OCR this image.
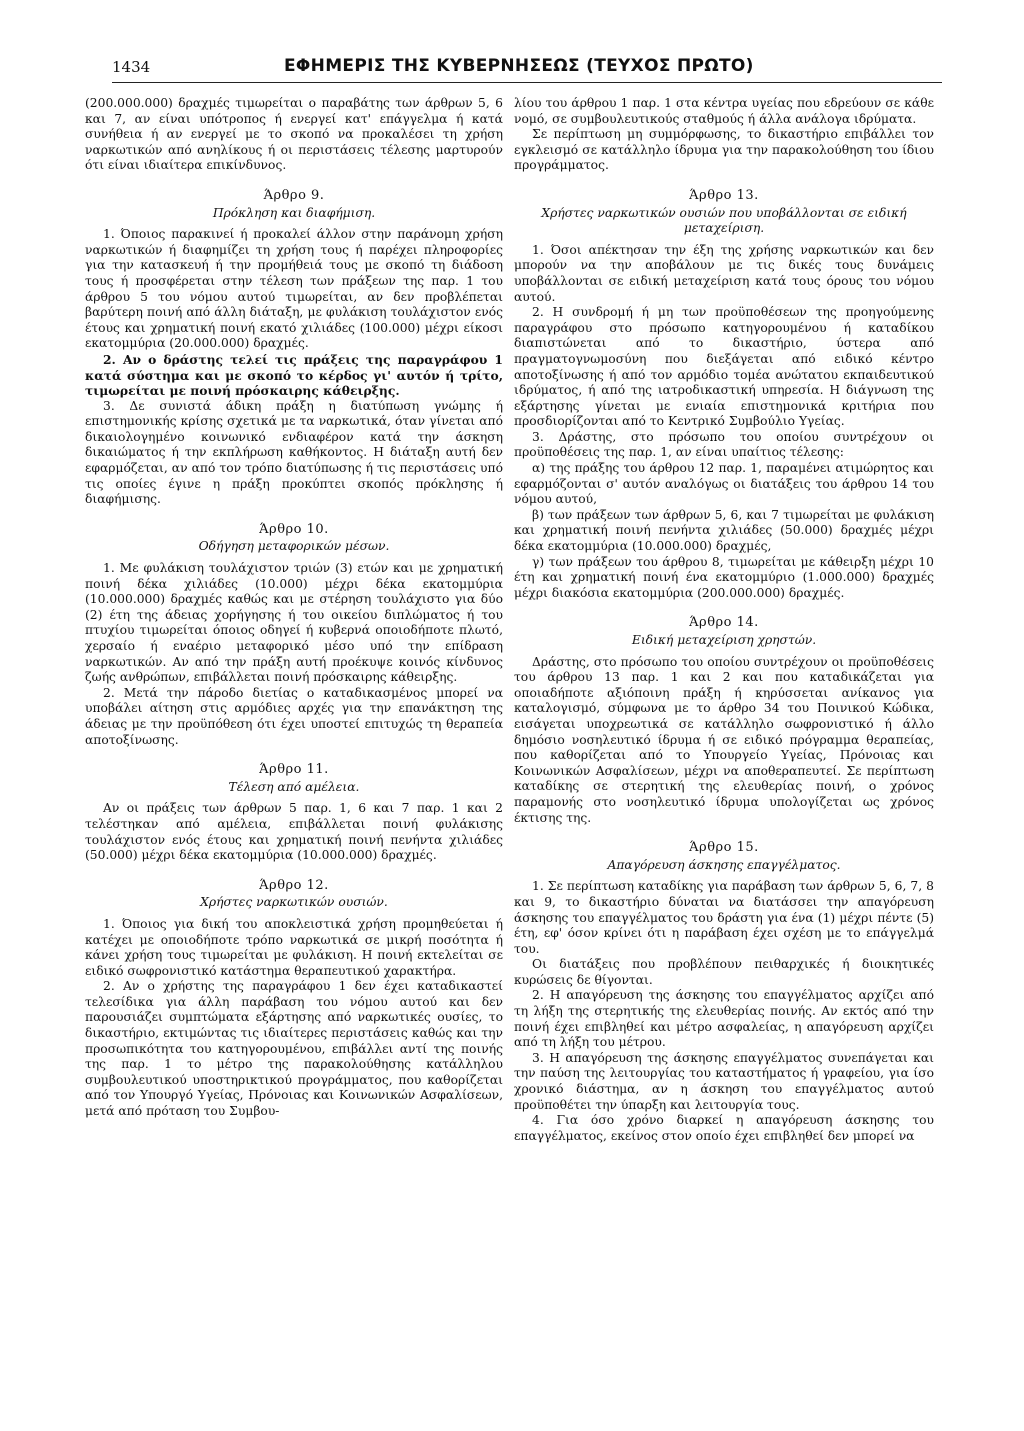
1434	ΕΦΗΜΕΡΙΣ ΤΗΣ ΚΥΒΕΡΝΗΣΕΩΣ (ΤΕΥΧΟΣ ΠΡΩΤΟ)

(200.000.000) δραχμές τιμωρείται ο παραβάτης των άρθρων 5, 6 και 7, αν είναι υπότροπος ή ενεργεί κατ' επάγγελμα ή κατά συνήθεια ή αν ενεργεί με το σκοπό να προκαλέσει τη χρήση ναρκωτικών από ανηλίκους ή οι περιστάσεις τέλεσης μαρτυρούν ότι είναι ιδιαίτερα επικίνδυνος.

Άρθρο 9.
Πρόκληση και διαφήμιση.

1. Όποιος παρακινεί ή προκαλεί άλλον στην παράνομη χρήση ναρκωτικών ή διαφημίζει τη χρήση τους ή παρέχει πληροφορίες για την κατασκευή ή την προμήθειά τους με σκοπό τη διάδοση τους ή προσφέρεται στην τέλεση των πράξεων της παρ. 1 του άρθρου 5 του νόμου αυτού τιμωρείται, αν δεν προβλέπεται βαρύτερη ποινή από άλλη διάταξη, με φυλάκιση τουλάχιστον ενός έτους και χρηματική ποινή εκατό χιλιάδες (100.000) μέχρι είκοσι εκατομμύρια (20.000.000) δραχμές.

2. Αν ο δράστης τελεί τις πράξεις της παραγράφου 1 κατά σύστημα και με σκοπό το κέρδος γι' αυτόν ή τρίτο, τιμωρείται με ποινή πρόσκαιρης κάθειρξης.

3. Δε συνιστά άδικη πράξη η διατύπωση γνώμης ή επιστημονικής κρίσης σχετικά με τα ναρκωτικά, όταν γίνεται από δικαιολογημένο κοινωνικό ενδιαφέρον κατά την άσκηση δικαιώματος ή την εκπλήρωση καθήκοντος. Η διάταξη αυτή δεν εφαρμόζεται, αν από τον τρόπο διατύπωσης ή τις περιστάσεις υπό τις οποίες έγινε η πράξη προκύπτει σκοπός πρόκλησης ή διαφήμισης.

Άρθρο 10.
Οδήγηση μεταφορικών μέσων.

1. Με φυλάκιση τουλάχιστον τριών (3) ετών και με χρηματική ποινή δέκα χιλιάδες (10.000) μέχρι δέκα εκατομμύρια (10.000.000) δραχμές καθώς και με στέρηση τουλάχιστο για δύο (2) έτη της άδειας χορήγησης ή του οικείου διπλώματος ή του πτυχίου τιμωρείται όποιος οδηγεί ή κυβερνά οποιοδήποτε πλωτό, χερσαίο ή εναέριο μεταφορικό μέσο υπό την επίδραση ναρκωτικών. Αν από την πράξη αυτή προέκυψε κοινός κίνδυνος ζωής ανθρώπων, επιβάλλεται ποινή πρόσκαιρης κάθειρξης.

2. Μετά την πάροδο διετίας ο καταδικασμένος μπορεί να υποβάλει αίτηση στις αρμόδιες αρχές για την επανάκτηση της άδειας με την προϋπόθεση ότι έχει υποστεί επιτυχώς τη θεραπεία αποτοξίνωσης.

Άρθρο 11.
Τέλεση από αμέλεια.

Αν οι πράξεις των άρθρων 5 παρ. 1, 6 και 7 παρ. 1 και 2 τελέστηκαν από αμέλεια, επιβάλλεται ποινή φυλάκισης τουλάχιστον ενός έτους και χρηματική ποινή πενήντα χιλιάδες (50.000) μέχρι δέκα εκατομμύρια (10.000.000) δραχμές.

Άρθρο 12.
Χρήστες ναρκωτικών ουσιών.

1. Όποιος για δική του αποκλειστικά χρήση προμηθεύεται ή κατέχει με οποιοδήποτε τρόπο ναρκωτικά σε μικρή ποσότητα ή κάνει χρήση τους τιμωρείται με φυλάκιση. Η ποινή εκτελείται σε ειδικό σωφρονιστικό κατάστημα θεραπευτικού χαρακτήρα.

2. Αν ο χρήστης της παραγράφου 1 δεν έχει καταδικαστεί τελεσίδικα για άλλη παράβαση του νόμου αυτού και δεν παρουσιάζει συμπτώματα εξάρτησης από ναρκωτικές ουσίες, το δικαστήριο, εκτιμώντας τις ιδιαίτερες περιστάσεις καθώς και την προσωπικότητα του κατηγορουμένου, επιβάλλει αντί της ποινής της παρ. 1 το μέτρο της παρακολούθησης κατάλληλου συμβουλευτικού υποστηρικτικού προγράμματος, που καθορίζεται από τον Υπουργό Υγείας, Πρόνοιας και Κοινωνικών Ασφαλίσεων, μετά από πρόταση του Συμβου-

λίου του άρθρου 1 παρ. 1 στα κέντρα υγείας που εδρεύουν σε κάθε νομό, σε συμβουλευτικούς σταθμούς ή άλλα ανάλογα ιδρύματα.

Σε περίπτωση μη συμμόρφωσης, το δικαστήριο επιβάλλει τον εγκλεισμό σε κατάλληλο ίδρυμα για την παρακολούθηση του ίδιου προγράμματος.

Άρθρο 13.
Χρήστες ναρκωτικών ουσιών που υποβάλλονται σε ειδική μεταχείριση.

1. Όσοι απέκτησαν την έξη της χρήσης ναρκωτικών και δεν μπορούν να την αποβάλουν με τις δικές τους δυνάμεις υποβάλλονται σε ειδική μεταχείριση κατά τους όρους του νόμου αυτού.

2. Η συνδρομή ή μη των προϋποθέσεων της προηγούμενης παραγράφου στο πρόσωπο κατηγορουμένου ή καταδίκου διαπιστώνεται από το δικαστήριο, ύστερα από πραγματογνωμοσύνη που διεξάγεται από ειδικό κέντρο αποτοξίνωσης ή από τον αρμόδιο τομέα ανώτατου εκπαιδευτικού ιδρύματος, ή από της ιατροδικαστική υπηρεσία. Η διάγνωση της εξάρτησης γίνεται με ενιαία επιστημονικά κριτήρια που προσδιορίζονται από το Κεντρικό Συμβούλιο Υγείας.

3. Δράστης, στο πρόσωπο του οποίου συντρέχουν οι προϋποθέσεις της παρ. 1, αν είναι υπαίτιος τέλεσης:

α) της πράξης του άρθρου 12 παρ. 1, παραμένει ατιμώρητος και εφαρμόζονται σ' αυτόν αναλόγως οι διατάξεις του άρθρου 14 του νόμου αυτού,

β) των πράξεων των άρθρων 5, 6, και 7 τιμωρείται με φυλάκιση και χρηματική ποινή πενήντα χιλιάδες (50.000) δραχμές μέχρι δέκα εκατομμύρια (10.000.000) δραχμές,

γ) των πράξεων του άρθρου 8, τιμωρείται με κάθειρξη μέχρι 10 έτη και χρηματική ποινή ένα εκατομμύριο (1.000.000) δραχμές μέχρι διακόσια εκατομμύρια (200.000.000) δραχμές.

Άρθρο 14.
Ειδική μεταχείριση χρηστών.

Δράστης, στο πρόσωπο του οποίου συντρέχουν οι προϋποθέσεις του άρθρου 13 παρ. 1 και 2 και που καταδικάζεται για οποιαδήποτε αξιόποινη πράξη ή κηρύσσεται ανίκανος για καταλογισμό, σύμφωνα με το άρθρο 34 του Ποινικού Κώδικα, εισάγεται υποχρεωτικά σε κατάλληλο σωφρονιστικό ή άλλο δημόσιο νοσηλευτικό ίδρυμα ή σε ειδικό πρόγραμμα θεραπείας, που καθορίζεται από το Υπουργείο Υγείας, Πρόνοιας και Κοινωνικών Ασφαλίσεων, μέχρι να αποθεραπευτεί. Σε περίπτωση καταδίκης σε στερητική της ελευθερίας ποινή, ο χρόνος παραμονής στο νοσηλευτικό ίδρυμα υπολογίζεται ως χρόνος έκτισης της.

Άρθρο 15.
Απαγόρευση άσκησης επαγγέλματος.

1. Σε περίπτωση καταδίκης για παράβαση των άρθρων 5, 6, 7, 8 και 9, το δικαστήριο δύναται να διατάσσει την απαγόρευση άσκησης του επαγγέλματος του δράστη για ένα (1) μέχρι πέντε (5) έτη, εφ' όσον κρίνει ότι η παράβαση έχει σχέση με το επάγγελμά του.

Οι διατάξεις που προβλέπουν πειθαρχικές ή διοικητικές κυρώσεις δε θίγονται.

2. Η απαγόρευση της άσκησης του επαγγέλματος αρχίζει από τη λήξη της στερητικής της ελευθερίας ποινής. Αν εκτός από την ποινή έχει επιβληθεί και μέτρο ασφαλείας, η απαγόρευση αρχίζει από τη λήξη του μέτρου.

3. Η απαγόρευση της άσκησης επαγγέλματος συνεπάγεται και την παύση της λειτουργίας του καταστήματος ή γραφείου, για ίσο χρονικό διάστημα, αν η άσκηση του επαγγέλματος αυτού προϋποθέτει την ύπαρξη και λειτουργία τους.

4. Για όσο χρόνο διαρκεί η απαγόρευση άσκησης του επαγγέλματος, εκείνος στον οποίο έχει επιβληθεί δεν μπορεί να
